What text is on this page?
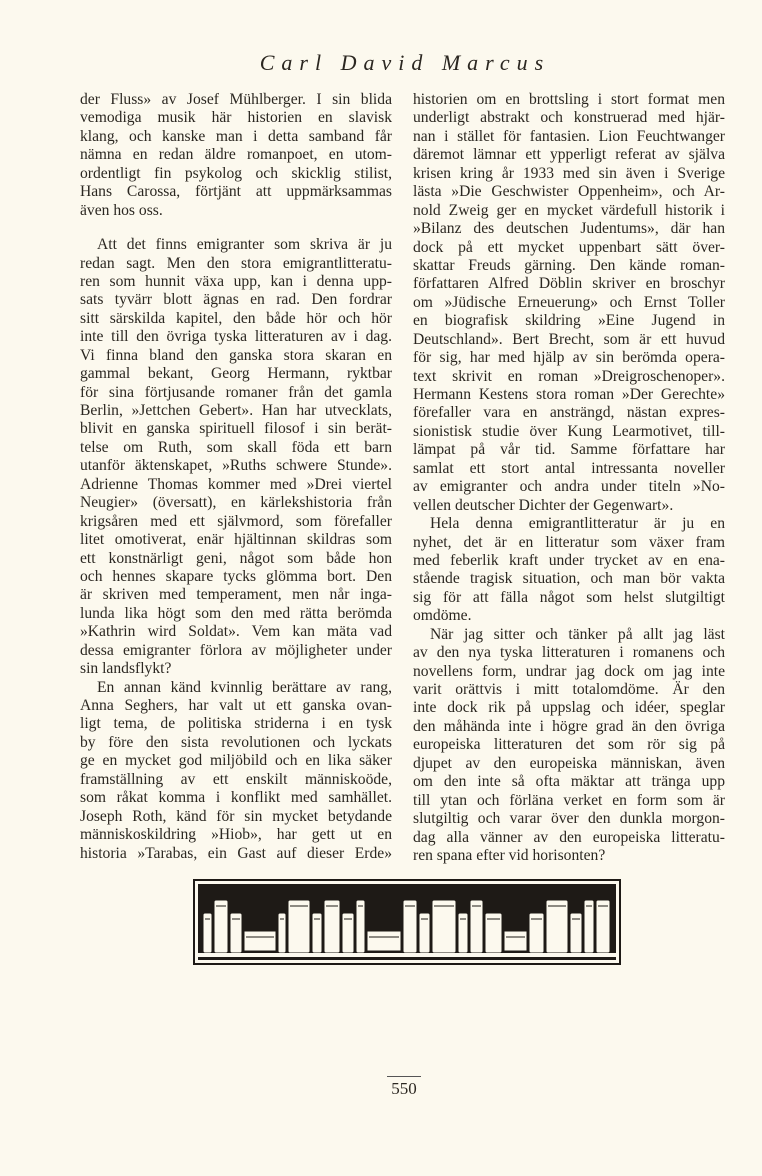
Carl David Marcus
der Fluss» av Josef Mühlberger. I sin blida
vemodiga musik här historien en slavisk
klang, och kanske man i detta samband får
nämna en redan äldre romanpoet, en utom-
ordentligt fin psykolog och skicklig stilist,
Hans Carossa, förtjänt att uppmärksammas
även hos oss.
Att det finns emigranter som skriva är ju
redan sagt. Men den stora emigrantlitteratu-
ren som hunnit växa upp, kan i denna upp-
sats tyvärr blott ägnas en rad. Den fordrar
sitt särskilda kapitel, den både hör och hör
inte till den övriga tyska litteraturen av i dag.
Vi finna bland den ganska stora skaran en
gammal bekant, Georg Hermann, ryktbar
för sina förtjusande romaner från det gamla
Berlin, »Jettchen Gebert». Han har utvecklats,
blivit en ganska spirituell filosof i sin berät-
telse om Ruth, som skall föda ett barn
utanför äktenskapet, »Ruths schwere Stunde».
Adrienne Thomas kommer med »Drei viertel
Neugier» (översatt), en kärlekshistoria från
krigsåren med ett självmord, som förefaller
litet omotiverat, enär hjältinnan skildras som
ett konstnärligt geni, något som både hon
och hennes skapare tycks glömma bort. Den
är skriven med temperament, men når inga-
lunda lika högt som den med rätta berömda
»Kathrin wird Soldat». Vem kan mäta vad
dessa emigranter förlora av möjligheter under
sin landsflykt?
En annan känd kvinnlig berättare av rang,
Anna Seghers, har valt ut ett ganska ovan-
ligt tema, de politiska striderna i en tysk
by före den sista revolutionen och lyckats
ge en mycket god miljöbild och en lika säker
framställning av ett enskilt människoöde,
som råkat komma i konflikt med samhället.
Joseph Roth, känd för sin mycket betydande
människoskildring »Hiob», har gett ut en
historia »Tarabas, ein Gast auf dieser Erde»
historien om en brottsling i stort format men
underligt abstrakt och konstruerad med hjär-
nan i stället för fantasien. Lion Feuchtwanger
däremot lämnar ett ypperligt referat av själva
krisen kring år 1933 med sin även i Sverige
lästa »Die Geschwister Oppenheim», och Ar-
nold Zweig ger en mycket värdefull historik i
»Bilanz des deutschen Judentums», där han
dock på ett mycket uppenbart sätt över-
skattar Freuds gärning. Den kände roman-
författaren Alfred Döblin skriver en broschyr
om »Jüdische Erneuerung» och Ernst Toller
en biografisk skildring »Eine Jugend in
Deutschland». Bert Brecht, som är ett huvud
för sig, har med hjälp av sin berömda opera-
text skrivit en roman »Dreigroschenoper».
Hermann Kestens stora roman »Der Gerechte»
förefaller vara en ansträngd, nästan expres-
sionistisk studie över Kung Learmotivet, till-
lämpat på vår tid. Samme författare har
samlat ett stort antal intressanta noveller
av emigranter och andra under titeln »No-
vellen deutscher Dichter der Gegenwart».
Hela denna emigrantlitteratur är ju en
nyhet, det är en litteratur som växer fram
med feberlik kraft under trycket av en ena-
stående tragisk situation, och man bör vakta
sig för att fälla något som helst slutgiltigt
omdöme.
När jag sitter och tänker på allt jag läst
av den nya tyska litteraturen i romanens och
novellens form, undrar jag dock om jag inte
varit orättvis i mitt totalomdöme. Är den
inte dock rik på uppslag och idéer, speglar
den måhända inte i högre grad än den övriga
europeiska litteraturen det som rör sig på
djupet av den europeiska människan, även
om den inte så ofta mäktar att tränga upp
till ytan och förläna verket en form som är
slutgiltig och varar över den dunkla morgon-
dag alla vänner av den europeiska litteratu-
ren spana efter vid horisonten?
550
